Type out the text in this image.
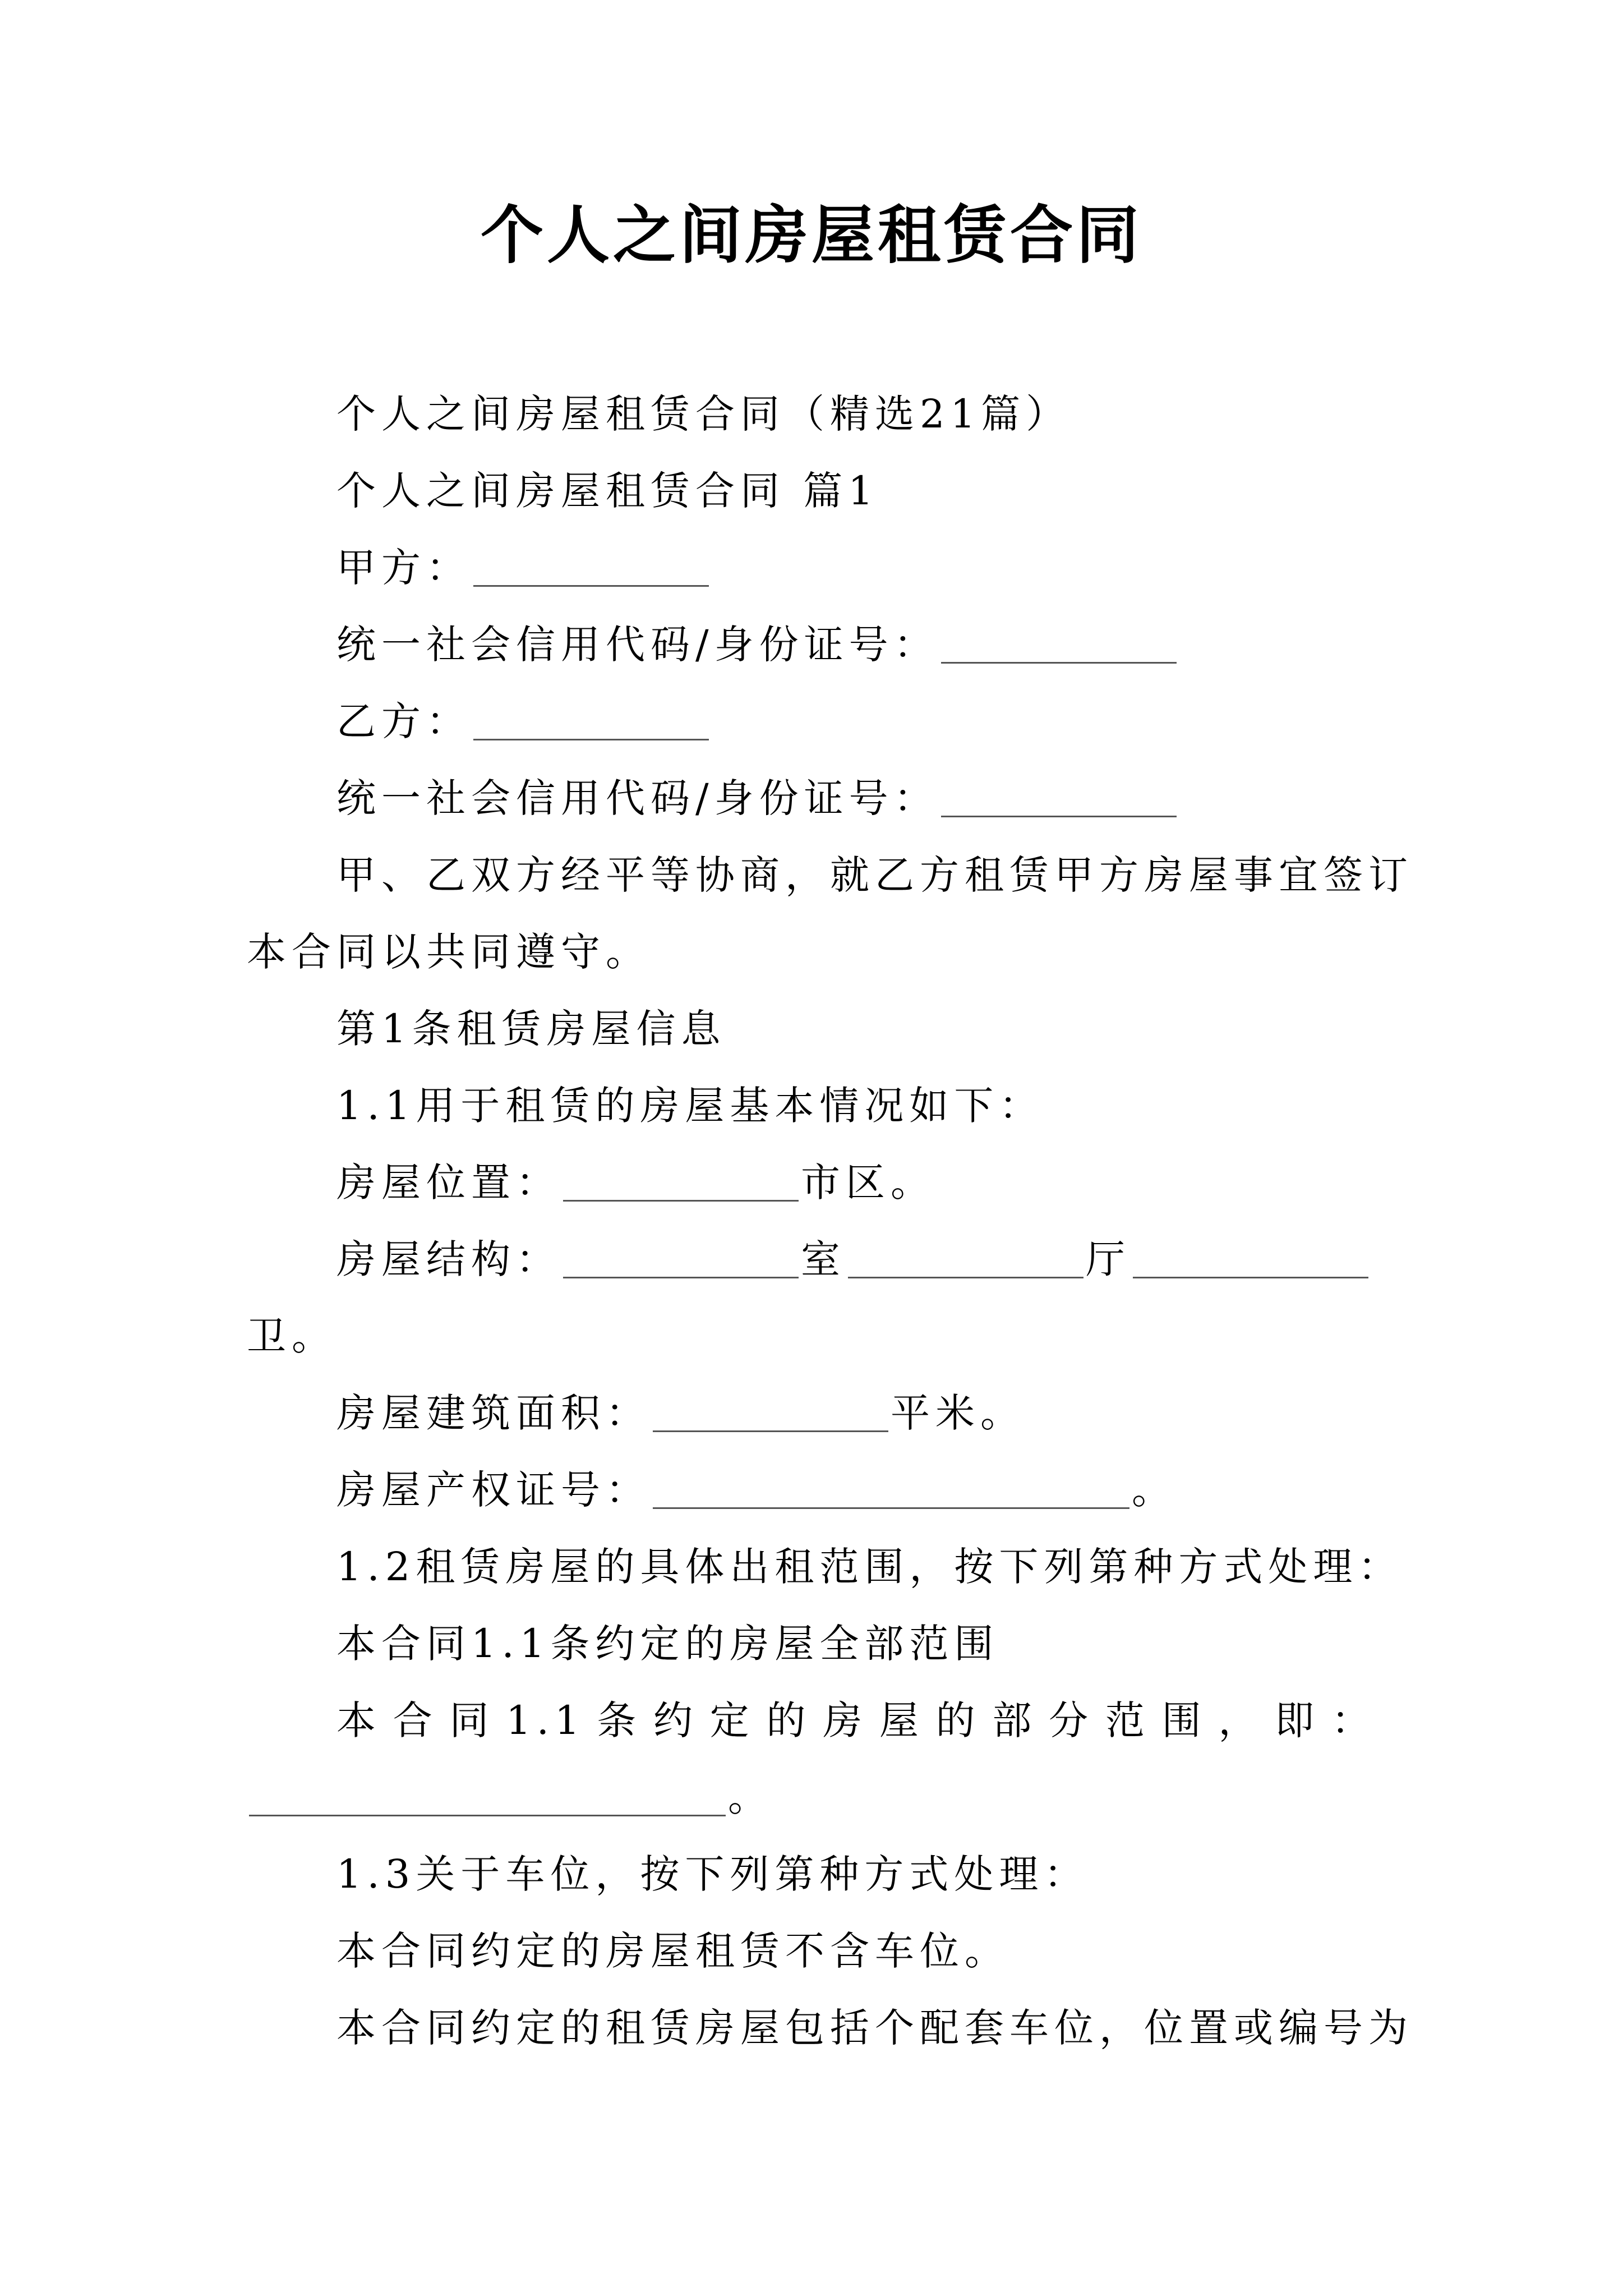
个人之间房屋租赁合同
个人之间房屋租赁合同（精选21篇）
个人之间房屋租赁合同 篇1
甲方：
统一社会信用代码/身份证号：
乙方：
统一社会信用代码/身份证号：
甲、乙双方经平等协商，就乙方租赁甲方房屋事宜签订
本合同以共同遵守。
第1条租赁房屋信息
1.1用于租赁的房屋基本情况如下：
房屋位置：	市区。
房屋结构：	室	厅
卫。
房屋建筑面积：	平米。
房屋产权证号：	。
1.2租赁房屋的具体出租范围，按下列第种方式处理：
本合同1.1条约定的房屋全部范围
本 合 同 1.1 条 约 定 的 房 屋 的 部 分 范 围 ， 即 ：
。
1.3关于车位，按下列第种方式处理：
本合同约定的房屋租赁不含车位。
本合同约定的租赁房屋包括个配套车位，位置或编号为
